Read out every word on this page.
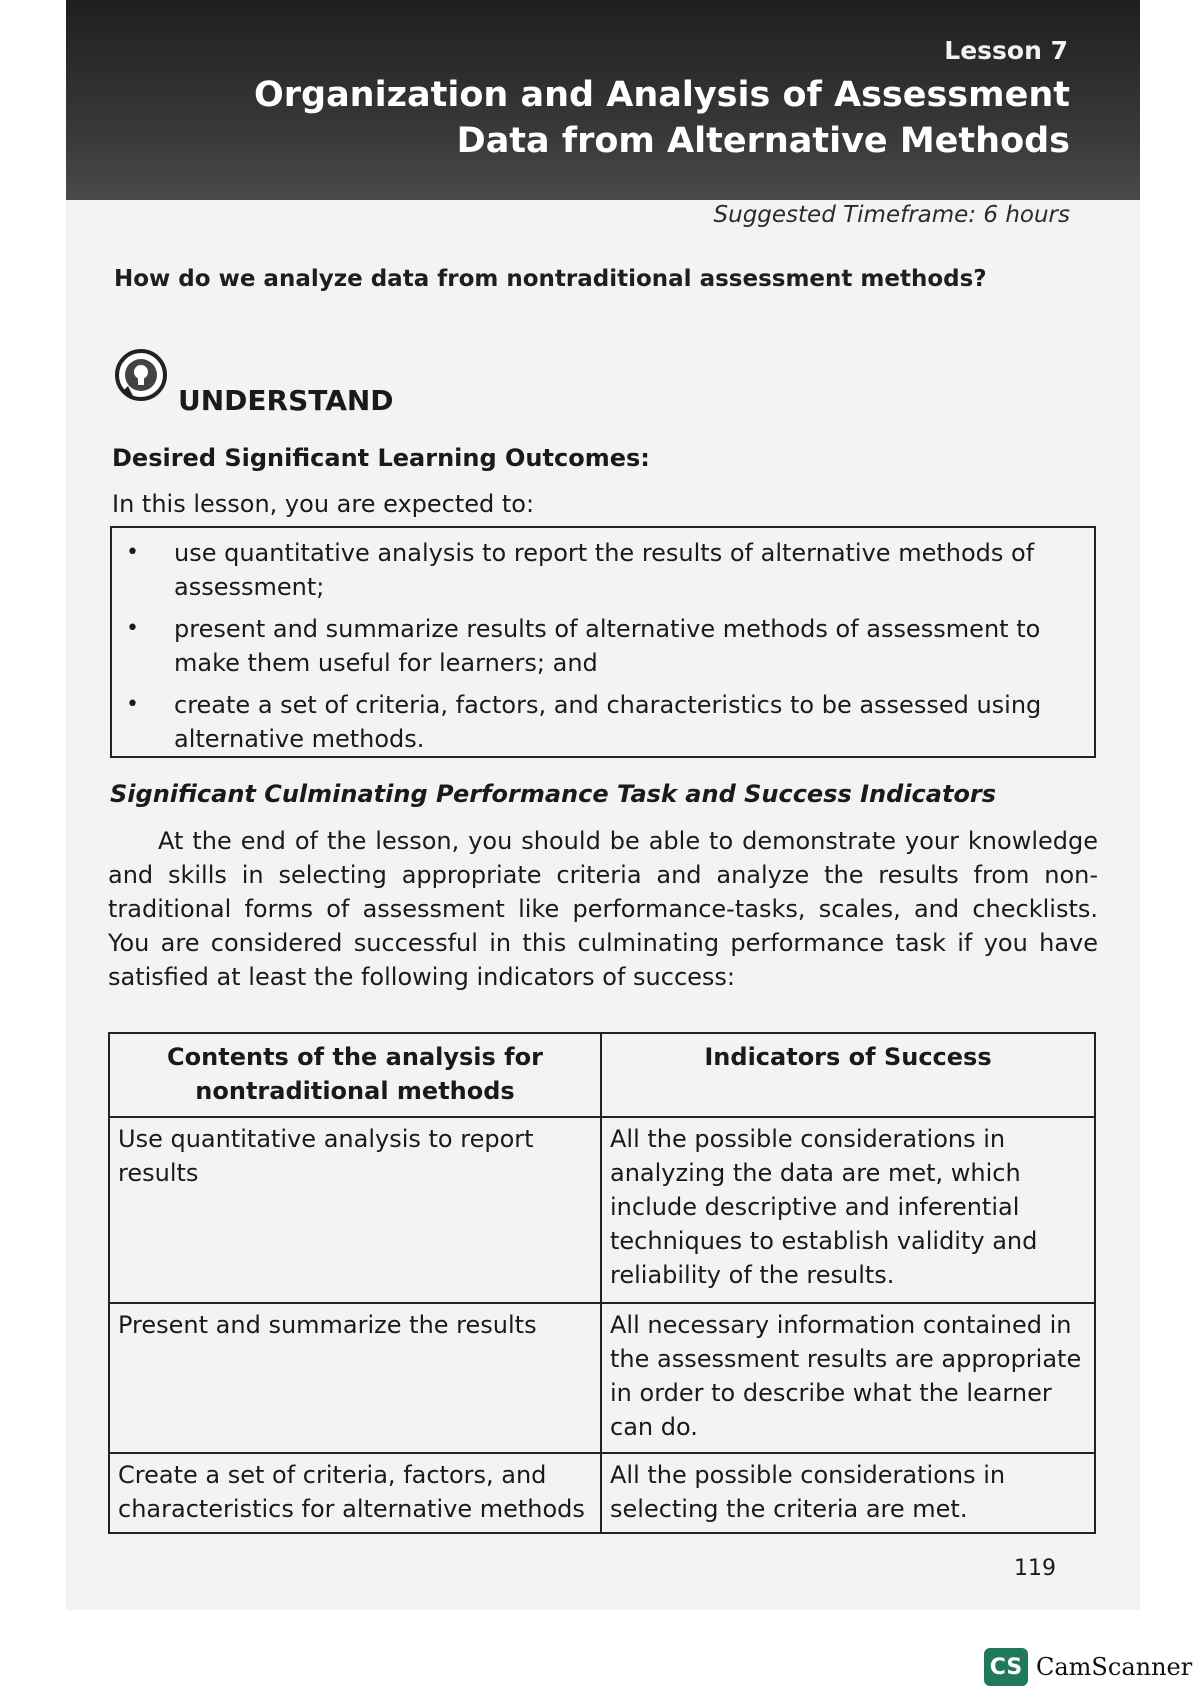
Lesson 7
Organization and Analysis of Assessment Data from Alternative Methods
Suggested Timeframe: 6 hours
How do we analyze data from nontraditional assessment methods?
UNDERSTAND
Desired Significant Learning Outcomes:
In this lesson, you are expected to:
• use quantitative analysis to report the results of alternative methods of assessment;
• present and summarize results of alternative methods of assessment to make them useful for learners; and
• create a set of criteria, factors, and characteristics to be assessed using alternative methods.
Significant Culminating Performance Task and Success Indicators

At the end of the lesson, you should be able to demonstrate your knowledge and skills in selecting appropriate criteria and analyze the results from non-traditional forms of assessment like performance-tasks, scales, and checklists. You are considered successful in this culminating performance task if you have satisfied at least the following indicators of success:

Contents of the analysis for nontraditional methods	Indicators of Success
Use quantitative analysis to report results	All the possible considerations in analyzing the data are met, which include descriptive and inferential techniques to establish validity and reliability of the results.
Present and summarize the results	All necessary information contained in the assessment results are appropriate in order to describe what the learner can do.
Create a set of criteria, factors, and characteristics for alternative methods	All the possible considerations in selecting the criteria are met.
119
CS CamScanner
